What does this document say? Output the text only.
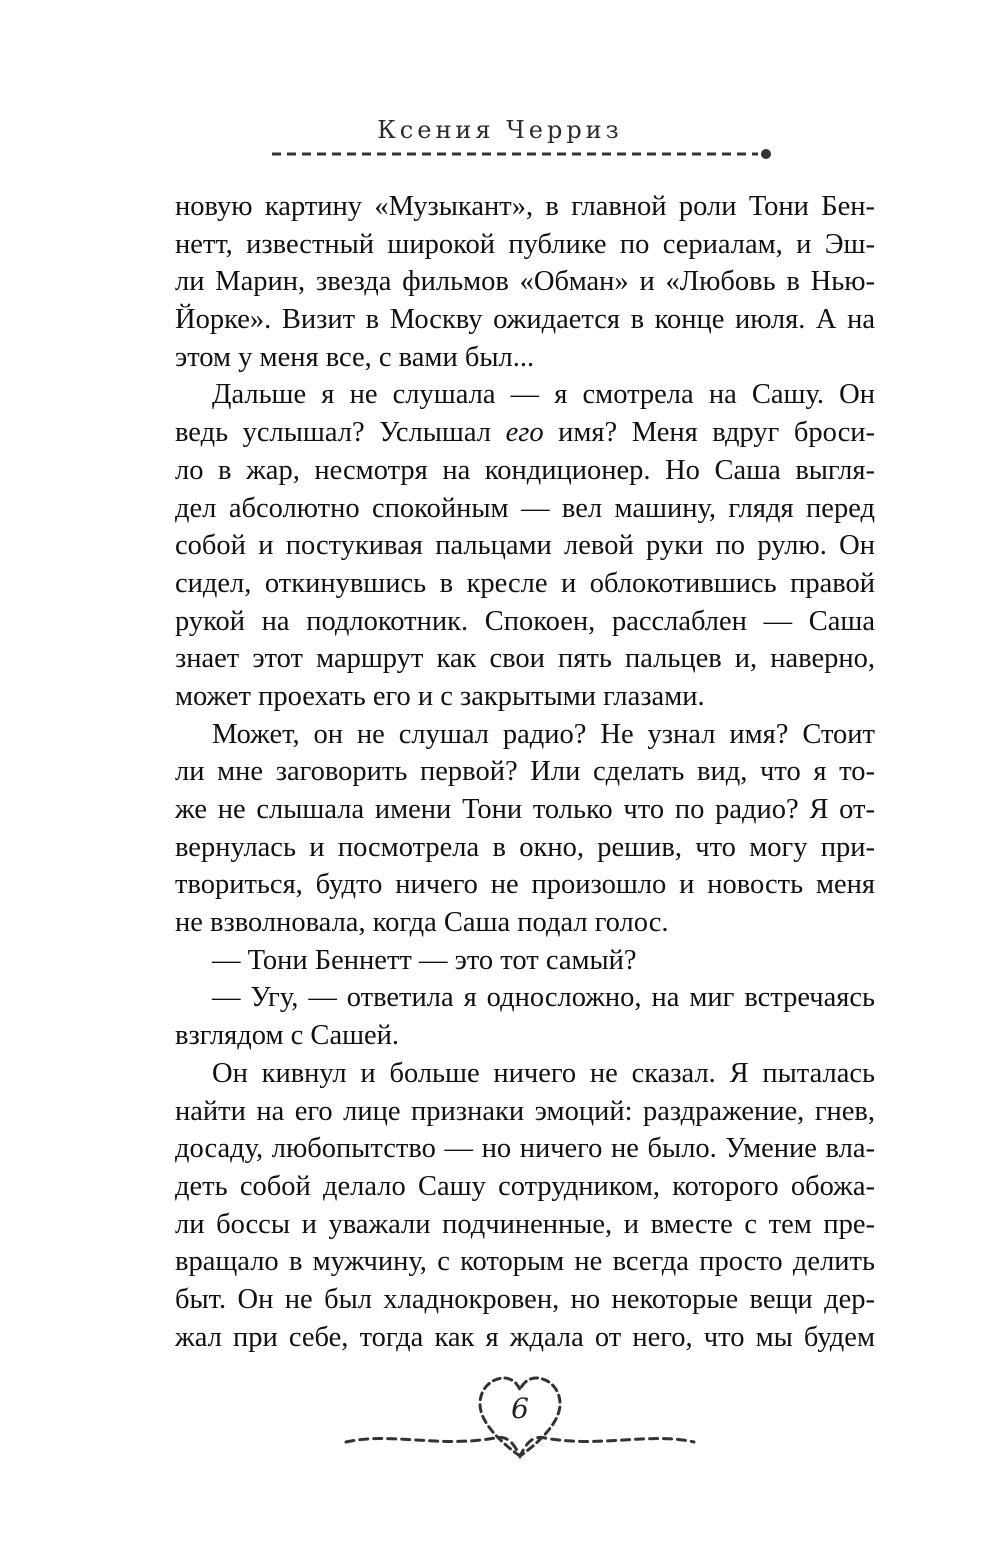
Ксения Черриз
новую картину «Музыкант», в главной роли Тони Бен-
нетт, известный широкой публике по сериалам, и Эш-
ли Марин, звезда фильмов «Обман» и «Любовь в Нью-
Йорке». Визит в Москву ожидается в конце июля. А на
этом у меня все, с вами был...
Дальше я не слушала — я смотрела на Сашу. Он
ведь услышал? Услышал его имя? Меня вдруг броси-
ло в жар, несмотря на кондиционер. Но Саша выгля-
дел абсолютно спокойным — вел машину, глядя перед
собой и постукивая пальцами левой руки по рулю. Он
сидел, откинувшись в кресле и облокотившись правой
рукой на подлокотник. Спокоен, расслаблен — Саша
знает этот маршрут как свои пять пальцев и, наверно,
может проехать его и с закрытыми глазами.
Может, он не слушал радио? Не узнал имя? Стоит
ли мне заговорить первой? Или сделать вид, что я то-
же не слышала имени Тони только что по радио? Я от-
вернулась и посмотрела в окно, решив, что могу при-
твориться, будто ничего не произошло и новость меня
не взволновала, когда Саша подал голос.
— Тони Беннетт — это тот самый?
— Угу, — ответила я односложно, на миг встречаясь
взглядом с Сашей.
Он кивнул и больше ничего не сказал. Я пыталась
найти на его лице признаки эмоций: раздражение, гнев,
досаду, любопытство — но ничего не было. Умение вла-
деть собой делало Сашу сотрудником, которого обожа-
ли боссы и уважали подчиненные, и вместе с тем пре-
вращало в мужчину, с которым не всегда просто делить
быт. Он не был хладнокровен, но некоторые вещи дер-
жал при себе, тогда как я ждала от него, что мы будем
6
